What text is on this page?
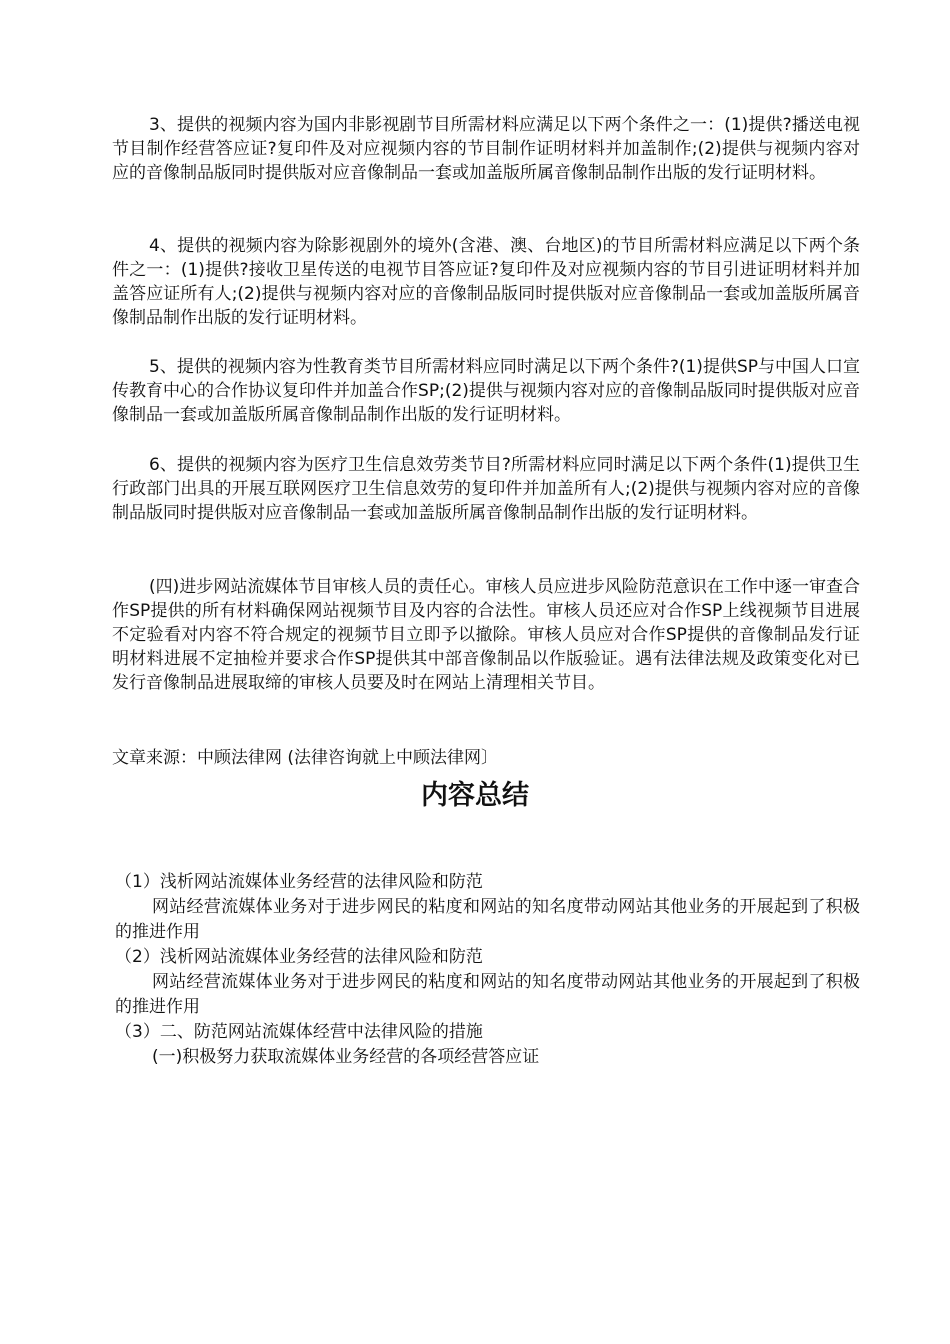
3、提供的视频内容为国内非影视剧节目所需材料应满足以下两个条件之一：(1)提供?播送电视节目制作经营答应证?复印件及对应视频内容的节目制作证明材料并加盖制作;(2)提供与视频内容对应的音像制品版同时提供版对应音像制品一套或加盖版所属音像制品制作出版的发行证明材料。

4、提供的视频内容为除影视剧外的境外(含港、澳、台地区)的节目所需材料应满足以下两个条件之一：(1)提供?接收卫星传送的电视节目答应证?复印件及对应视频内容的节目引进证明材料并加盖答应证所有人;(2)提供与视频内容对应的音像制品版同时提供版对应音像制品一套或加盖版所属音像制品制作出版的发行证明材料。

5、提供的视频内容为性教育类节目所需材料应同时满足以下两个条件?(1)提供SP与中国人口宣传教育中心的合作协议复印件并加盖合作SP;(2)提供与视频内容对应的音像制品版同时提供版对应音像制品一套或加盖版所属音像制品制作出版的发行证明材料。

6、提供的视频内容为医疗卫生信息效劳类节目?所需材料应同时满足以下两个条件(1)提供卫生行政部门出具的开展互联网医疗卫生信息效劳的复印件并加盖所有人;(2)提供与视频内容对应的音像制品版同时提供版对应音像制品一套或加盖版所属音像制品制作出版的发行证明材料。

(四)进步网站流媒体节目审核人员的责任心。审核人员应进步风险防范意识在工作中逐一审查合作SP提供的所有材料确保网站视频节目及内容的合法性。审核人员还应对合作SP上线视频节目进展不定验看对内容不符合规定的视频节目立即予以撤除。审核人员应对合作SP提供的音像制品发行证明材料进展不定抽检并要求合作SP提供其中部音像制品以作版验证。遇有法律法规及政策变化对已发行音像制品进展取缔的审核人员要及时在网站上清理相关节目。

文章来源：中顾法律网 (法律咨询就上中顾法律网〕

内容总结

（1）浅析网站流媒体业务经营的法律风险和防范

网站经营流媒体业务对于进步网民的粘度和网站的知名度带动网站其他业务的开展起到了积极的推进作用

（2）浅析网站流媒体业务经营的法律风险和防范

网站经营流媒体业务对于进步网民的粘度和网站的知名度带动网站其他业务的开展起到了积极的推进作用

（3）二、防范网站流媒体经营中法律风险的措施

(一)积极努力获取流媒体业务经营的各项经营答应证
